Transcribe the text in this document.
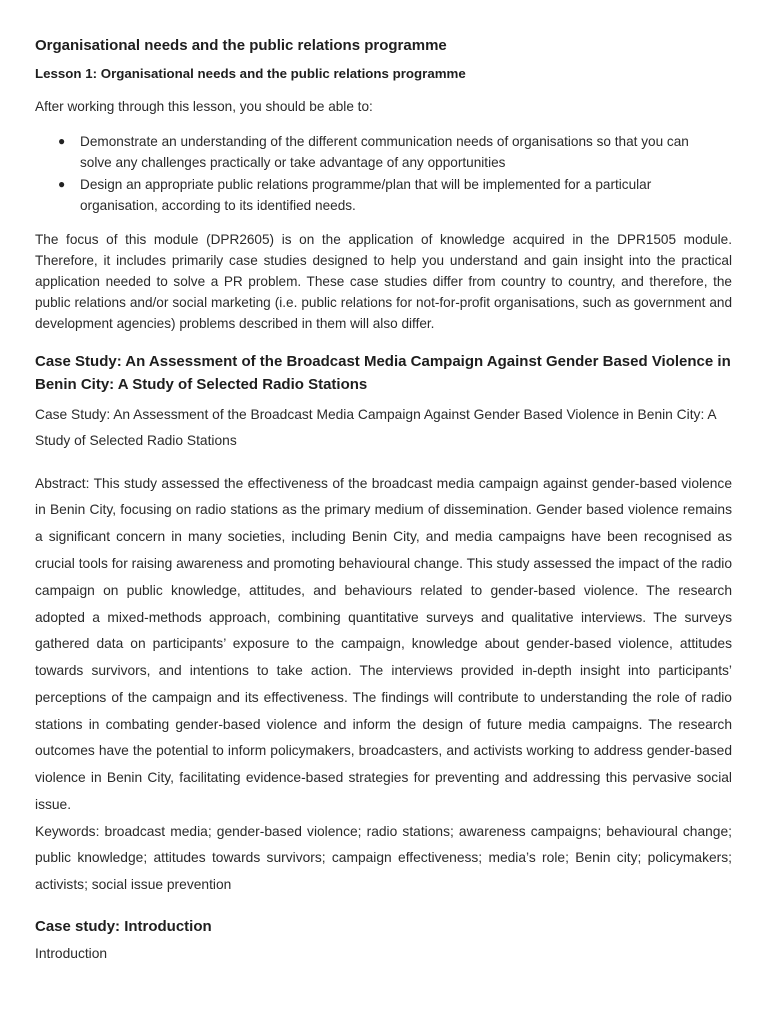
Organisational needs and the public relations programme
Lesson 1: Organisational needs and the public relations programme

After working through this lesson, you should be able to:

● Demonstrate an understanding of the different communication needs of organisations so that you can solve any challenges practically or take advantage of any opportunities
● Design an appropriate public relations programme/plan that will be implemented for a particular organisation, according to its identified needs.

The focus of this module (DPR2605) is on the application of knowledge acquired in the DPR1505 module. Therefore, it includes primarily case studies designed to help you understand and gain insight into the practical application needed to solve a PR problem. These case studies differ from country to country, and therefore, the public relations and/or social marketing (i.e. public relations for not-for-profit organisations, such as government and development agencies) problems described in them will also differ.

Case Study: An Assessment of the Broadcast Media Campaign Against Gender Based Violence in Benin City: A Study of Selected Radio Stations

Case Study: An Assessment of the Broadcast Media Campaign Against Gender Based Violence in Benin City: A Study of Selected Radio Stations

Abstract: This study assessed the effectiveness of the broadcast media campaign against gender-based violence in Benin City, focusing on radio stations as the primary medium of dissemination. Gender based violence remains a significant concern in many societies, including Benin City, and media campaigns have been recognised as crucial tools for raising awareness and promoting behavioural change. This study assessed the impact of the radio campaign on public knowledge, attitudes, and behaviours related to gender-based violence. The research adopted a mixed-methods approach, combining quantitative surveys and qualitative interviews. The surveys gathered data on participants’ exposure to the campaign, knowledge about gender-based violence, attitudes towards survivors, and intentions to take action. The interviews provided in-depth insight into participants’ perceptions of the campaign and its effectiveness. The findings will contribute to understanding the role of radio stations in combating gender-based violence and inform the design of future media campaigns. The research outcomes have the potential to inform policymakers, broadcasters, and activists working to address gender-based violence in Benin City, facilitating evidence-based strategies for preventing and addressing this pervasive social issue.

Keywords: broadcast media; gender-based violence; radio stations; awareness campaigns; behavioural change; public knowledge; attitudes towards survivors; campaign effectiveness; media’s role; Benin city; policymakers; activists; social issue prevention

Case study: Introduction

Introduction
